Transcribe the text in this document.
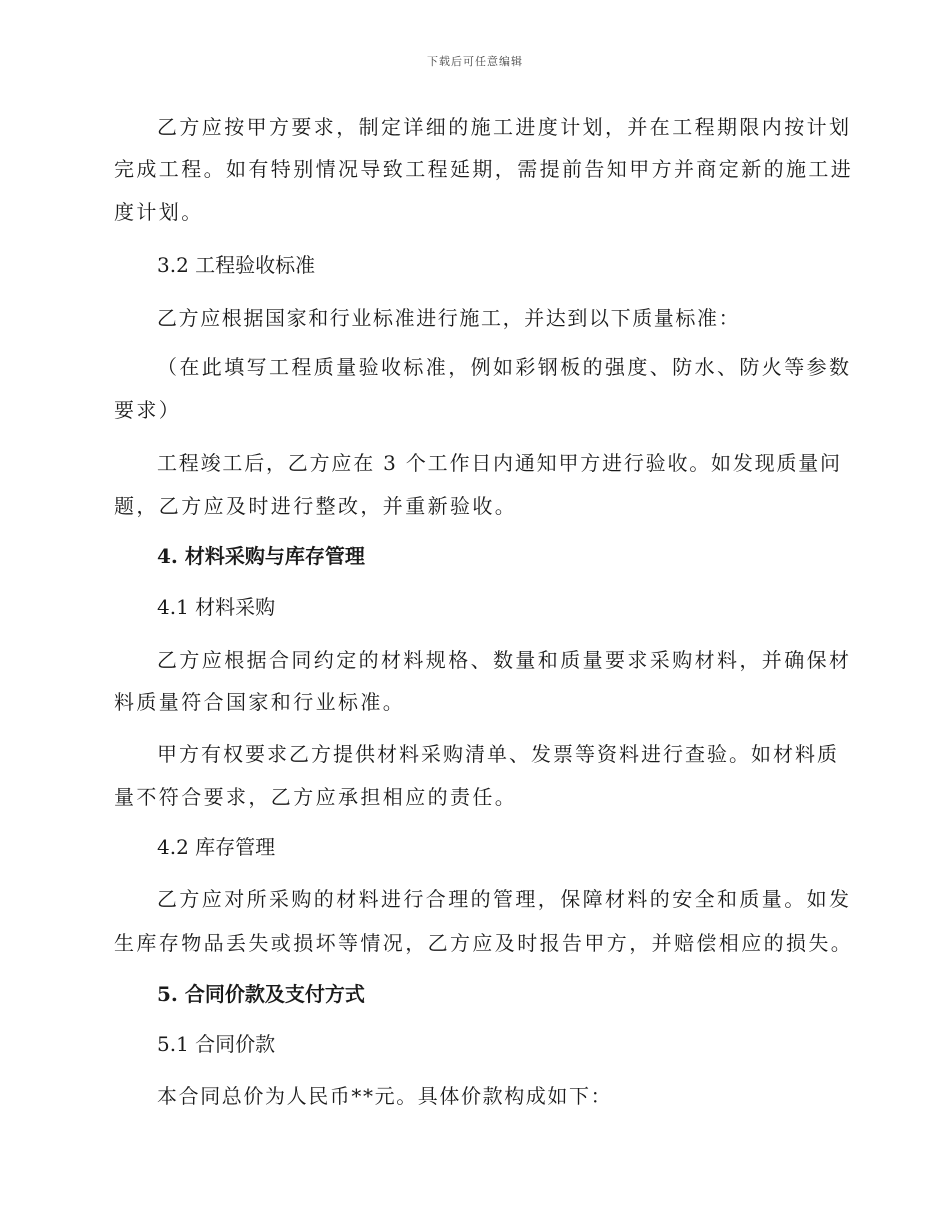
下载后可任意编辑
乙方应按甲方要求，制定详细的施工进度计划，并在工程期限内按计划
完成工程。如有特别情况导致工程延期，需提前告知甲方并商定新的施工进
度计划。
3.2 工程验收标准
乙方应根据国家和行业标准进行施工，并达到以下质量标准：
（在此填写工程质量验收标准，例如彩钢板的强度、防水、防火等参数
要求）
工程竣工后，乙方应在 3 个工作日内通知甲方进行验收。如发现质量问
题，乙方应及时进行整改，并重新验收。
4. 材料采购与库存管理
4.1 材料采购
乙方应根据合同约定的材料规格、数量和质量要求采购材料，并确保材
料质量符合国家和行业标准。
甲方有权要求乙方提供材料采购清单、发票等资料进行查验。如材料质
量不符合要求，乙方应承担相应的责任。
4.2 库存管理
乙方应对所采购的材料进行合理的管理，保障材料的安全和质量。如发
生库存物品丢失或损坏等情况，乙方应及时报告甲方，并赔偿相应的损失。
5. 合同价款及支付方式
5.1 合同价款
本合同总价为人民币**元。具体价款构成如下：
